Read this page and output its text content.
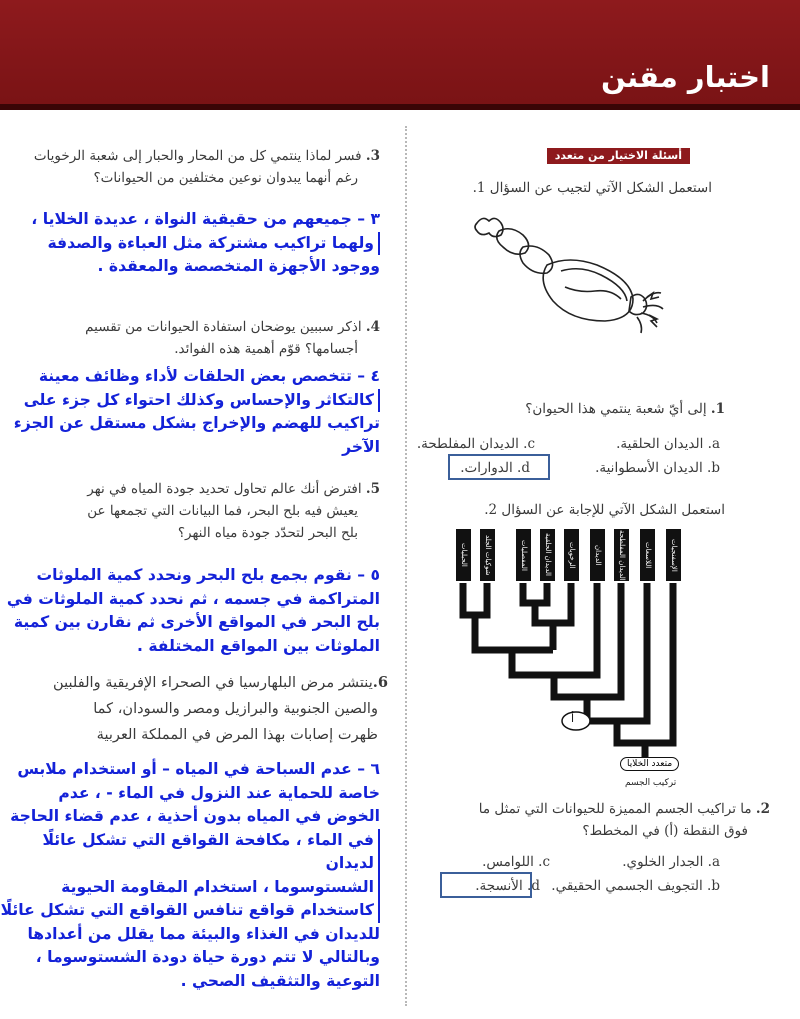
اختبار مقنن
أسئلة الاختيار من متعدد
استعمل الشكل الآتي لتجيب عن السؤال 1.
1. إلى أيّ شعبة ينتمي هذا الحيوان؟
a. الديدان الحلقية.
c. الديدان المفلطحة.
b. الديدان الأسطوانية.
d. الدوارات.
استعمل الشكل الآتي للإجابة عن السؤال 2.
الحبليات	شوكيات الجلد	المفصليات	الديدان الحلقية	الرخويات	الديدان	الديدان المفلطحة	اللاسعات	الإسفنجيات
أ
متعدد الخلايا
تركيب الجسم
2. ما تراكيب الجسم المميزة للحيوانات التي تمثل ما
فوق النقطة (أ) في المخطط؟
a. الجدار الخلوي.
c. اللوامس.
b. التجويف الجسمي الحقيقي.
d. الأنسجة.
3. فسر لماذا ينتمي كل من المحار والحبار إلى شعبة الرخويات
رغم أنهما يبدوان نوعين مختلفين من الحيوانات؟
٣ – جميعهم من حقيقية النواة ، عديدة الخلايا ،
ولهما تراكيب مشتركة مثل العباءة والصدفة
ووجود الأجهزة المتخصصة والمعقدة .
4. اذكر سببين يوضحان استفادة الحيوانات من تقسيم
أجسامها؟ قوّم أهمية هذه الفوائد.
٤ – تتخصص بعض الحلقات لأداء وظائف معينة
كالتكاثر والإحساس وكذلك احتواء كل جزء على
تراكيب للهضم والإخراج بشكل مستقل عن الجزء
الآخر
5. افترض أنك عالم تحاول تحديد جودة المياه في نهر
يعيش فيه بلح البحر، فما البيانات التي تجمعها عن
بلح البحر لتحدّد جودة مياه النهر؟
٥ – نقوم بجمع بلح البحر ونحدد كمية الملوثات
المتراكمة في جسمه ، ثم نحدد كمية الملوثات في
بلح البحر في المواقع الأخرى ثم نقارن بين كمية
الملوثات بين المواقع المختلفة .
6.ينتشر مرض البلهارسيا في الصحراء الإفريقية والفلبين
والصين الجنوبية والبرازيل ومصر والسودان، كما
ظهرت إصابات بهذا المرض في المملكة العربية
٦ – عدم السباحة في المياه – أو استخدام ملابس
خاصة للحماية عند النزول في الماء - ، عدم
الخوض في المياه بدون أحذية ، عدم قضاء الحاجة
في الماء ، مكافحة القواقع التي تشكل عائلًا لديدان
الشستوسوما ، استخدام المقاومة الحيوية
كاستخدام قواقع تنافس القواقع التي تشكل عائلًا
للديدان في الغذاء والبيئة مما يقلل من أعدادها
وبالتالي لا تتم دورة حياة دودة الشستوسوما ،
التوعية والتثقيف الصحي .
